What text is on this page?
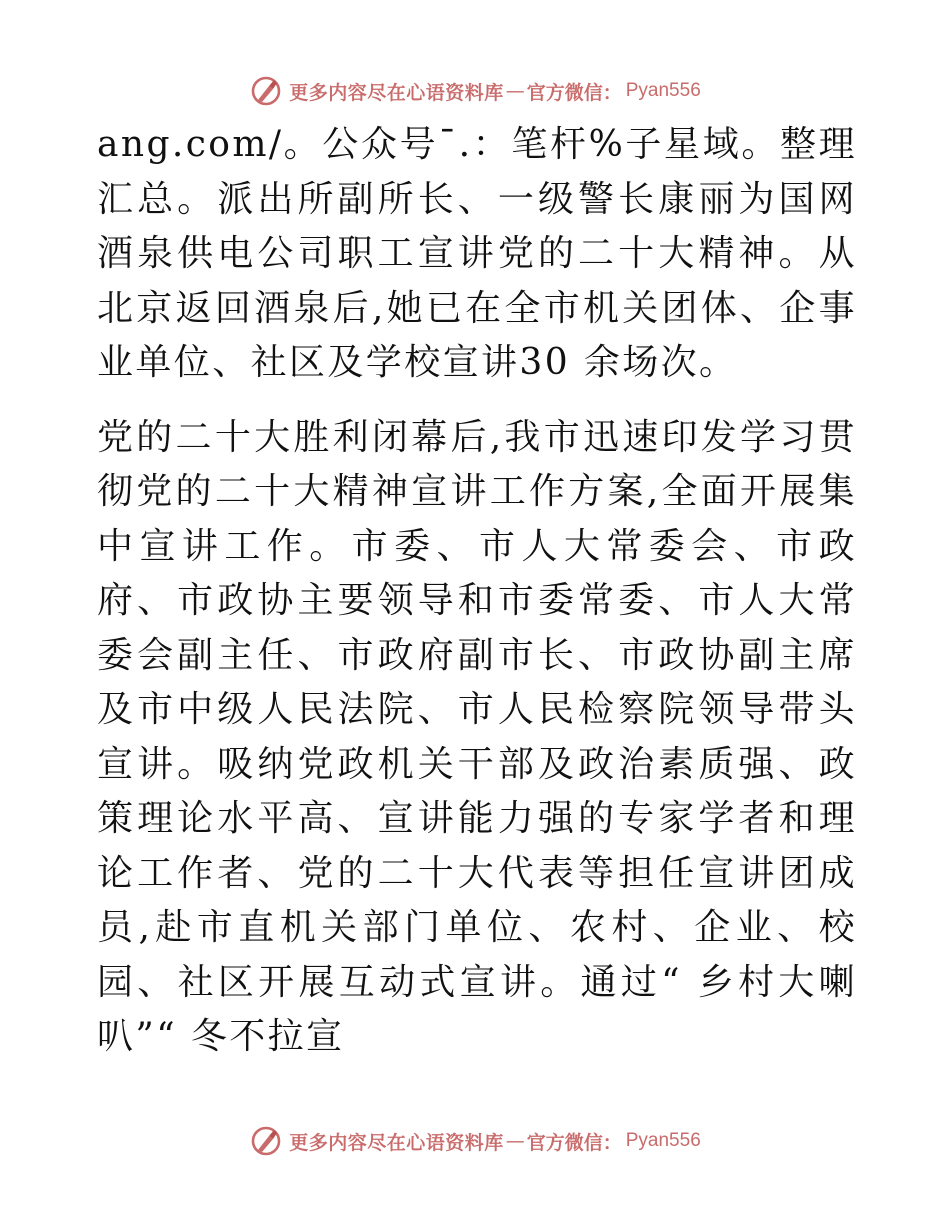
更多内容尽在心语资料库 — 官方微信： Pyan556

ang.com/。公众号¯.：笔杆%子星域。整理汇总。派出所副所长、一级警长康丽为国网酒泉供电公司职工宣讲党的二十大精神。从北京返回酒泉后,她已在全市机关团体、企事业单位、社区及学校宣讲30 余场次。

党的二十大胜利闭幕后,我市迅速印发学习贯彻党的二十大精神宣讲工作方案,全面开展集中宣讲工作。市委、市人大常委会、市政府、市政协主要领导和市委常委、市人大常委会副主任、市政府副市长、市政协副主席及市中级人民法院、市人民检察院领导带头宣讲。吸纳党政机关干部及政治素质强、政策理论水平高、宣讲能力强的专家学者和理论工作者、党的二十大代表等担任宣讲团成员,赴市直机关部门单位、农村、企业、校园、社区开展互动式宣讲。通过“ 乡村大喇叭”“ 冬不拉宣

更多内容尽在心语资料库 — 官方微信： Pyan556
